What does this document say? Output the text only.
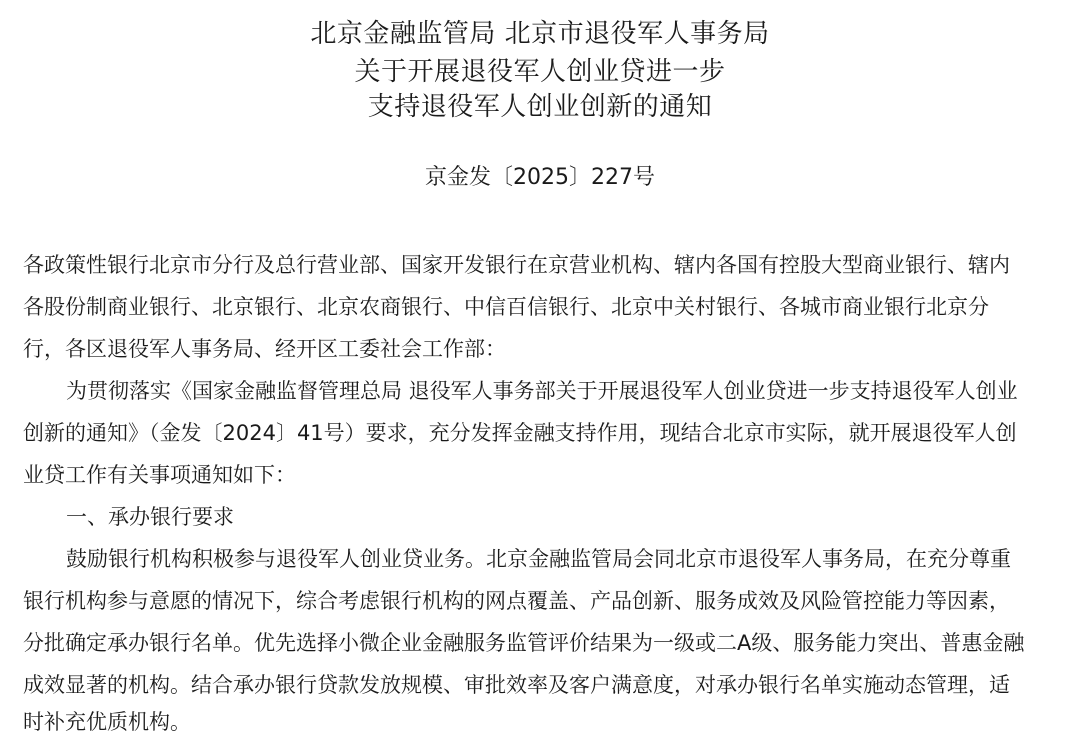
北京金融监管局 北京市退役军人事务局
关于开展退役军人创业贷进一步
支持退役军人创业创新的通知
京金发〔2025〕227号
各政策性银行北京市分行及总行营业部、国家开发银行在京营业机构、辖内各国有控股大型商业银行、辖内
各股份制商业银行、北京银行、北京农商银行、中信百信银行、北京中关村银行、各城市商业银行北京分
行，各区退役军人事务局、经开区工委社会工作部：
为贯彻落实《国家金融监督管理总局 退役军人事务部关于开展退役军人创业贷进一步支持退役军人创业
创新的通知》（金发〔2024〕41号）要求，充分发挥金融支持作用，现结合北京市实际，就开展退役军人创
业贷工作有关事项通知如下：
一、承办银行要求
鼓励银行机构积极参与退役军人创业贷业务。北京金融监管局会同北京市退役军人事务局，在充分尊重
银行机构参与意愿的情况下，综合考虑银行机构的网点覆盖、产品创新、服务成效及风险管控能力等因素，
分批确定承办银行名单。优先选择小微企业金融服务监管评价结果为一级或二A级、服务能力突出、普惠金融
成效显著的机构。结合承办银行贷款发放规模、审批效率及客户满意度，对承办银行名单实施动态管理，适
时补充优质机构。
